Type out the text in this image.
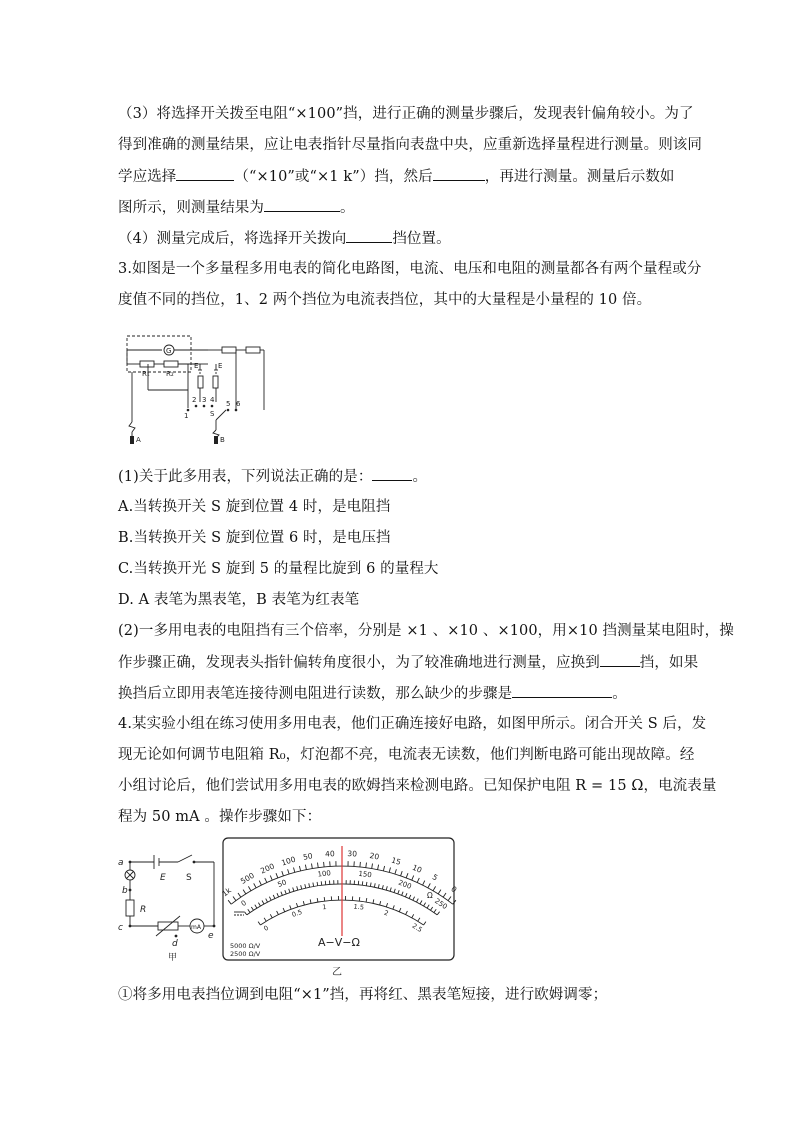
（3）将选择开关拨至电阻“×100”挡，进行正确的测量步骤后，发现表针偏角较小。为了
得到准确的测量结果，应让电表指针尽量指向表盘中央，应重新选择量程进行测量。则该同
学应选择	（“×10”或“×1 k”）挡，然后	，再进行测量。测量后示数如
图所示，则测量结果为	。
（4）测量完成后，将选择开关拨向	挡位置。
3.如图是一个多量程多用电表的简化电路图，电流、电压和电阻的测量都各有两个量程或分
度值不同的挡位，1、2 两个挡位为电流表挡位，其中的大量程是小量程的 10 倍。
G
R₁ R₂
E	E
1
2 3 4 5 6
S
A	B
(1)关于此多用表，下列说法正确的是：	。
A.当转换开关 S 旋到位置 4 时，是电阻挡
B.当转换开关 S 旋到位置 6 时，是电压挡
C.当转换开光 S 旋到 5 的量程比旋到 6 的量程大
D. A 表笔为黑表笔，B 表笔为红表笔
(2)一多用电表的电阻挡有三个倍率，分别是 ×1 、×10 、×100，用×10 挡测量某电阻时，操
作步骤正确，发现表头指针偏转角度很小，为了较准确地进行测量，应换到	挡，如果
换挡后立即用表笔连接待测电阻进行读数，那么缺少的步骤是	。
4.某实验小组在练习使用多用电表，他们正确连接好电路，如图甲所示。闭合开关 S 后，发
现无论如何调节电阻箱 R₀，灯泡都不亮，电流表无读数，他们判断电路可能出现故障。经
小组讨论后，他们尝试用多用电表的欧姆挡来检测电路。已知保护电阻 R = 15 Ω，电流表量
程为 50 mA 。操作步骤如下：
a
b
c
d
e
E
R
S
mA
甲
1k
500
200
100 50 40 30 20 15
10
5
0
0
50
100	150
200
250
0
0.5
1	1.5
2
2.5
Ω
A−V−Ω
5000 Ω/V
2500 Ω/V
乙
①将多用电表挡位调到电阻“×1”挡，再将红、黑表笔短接，进行欧姆调零；
